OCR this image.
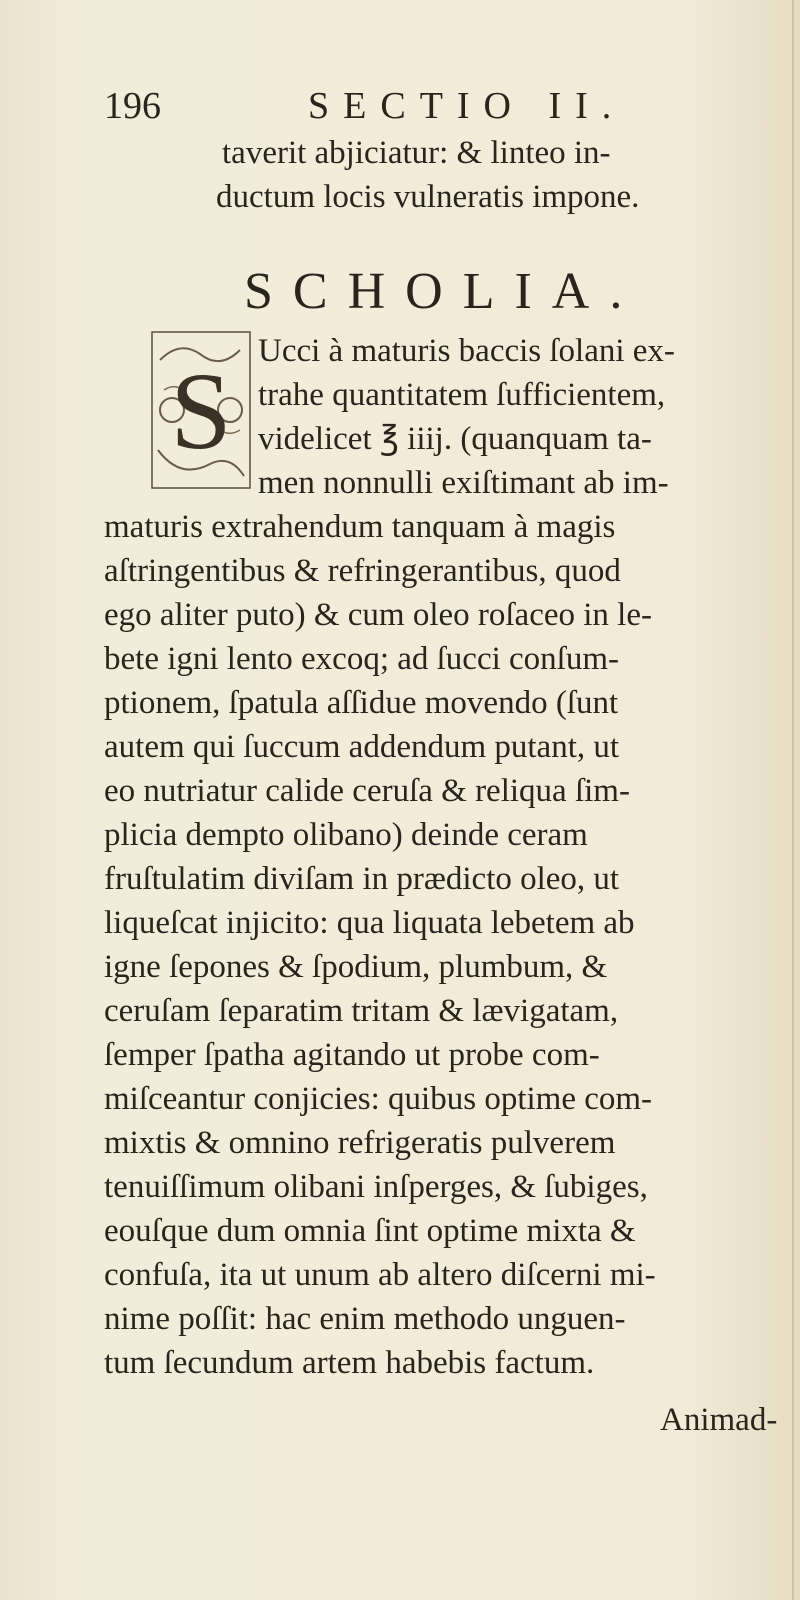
196	SECTIO II.
taverit abjiciatur: & linteo in-
ductum locis vulneratis impone.
SCHOLIA.
S Ucci à maturis baccis ſolani ex-
trahe quantitatem ſufficientem,
videlicet ℥ iiij. (quanquam ta-
men nonnulli exiſtimant ab im-
maturis extrahendum tanquam à magis
aſtringentibus & refringerantibus, quod
ego aliter puto) & cum oleo roſaceo in le-
bete igni lento excoq; ad ſucci conſum-
ptionem, ſpatula aſſidue movendo (ſunt
autem qui ſuccum addendum putant, ut
eo nutriatur calide ceruſa & reliqua ſim-
plicia dempto olibano) deinde ceram
fruſtulatim diviſam in prædicto oleo, ut
liqueſcat injicito: qua liquata lebetem ab
igne ſepones & ſpodium, plumbum, &
ceruſam ſeparatim tritam & lævigatam,
ſemper ſpatha agitando ut probe com-
miſceantur conjicies: quibus optime com-
mixtis & omnino refrigeratis pulverem
tenuiſſimum olibani inſperges, & ſubiges,
eouſque dum omnia ſint optime mixta &
confuſa, ita ut unum ab altero diſcerni mi-
nime poſſit: hac enim methodo unguen-
tum ſecundum artem habebis factum.
Animad-
